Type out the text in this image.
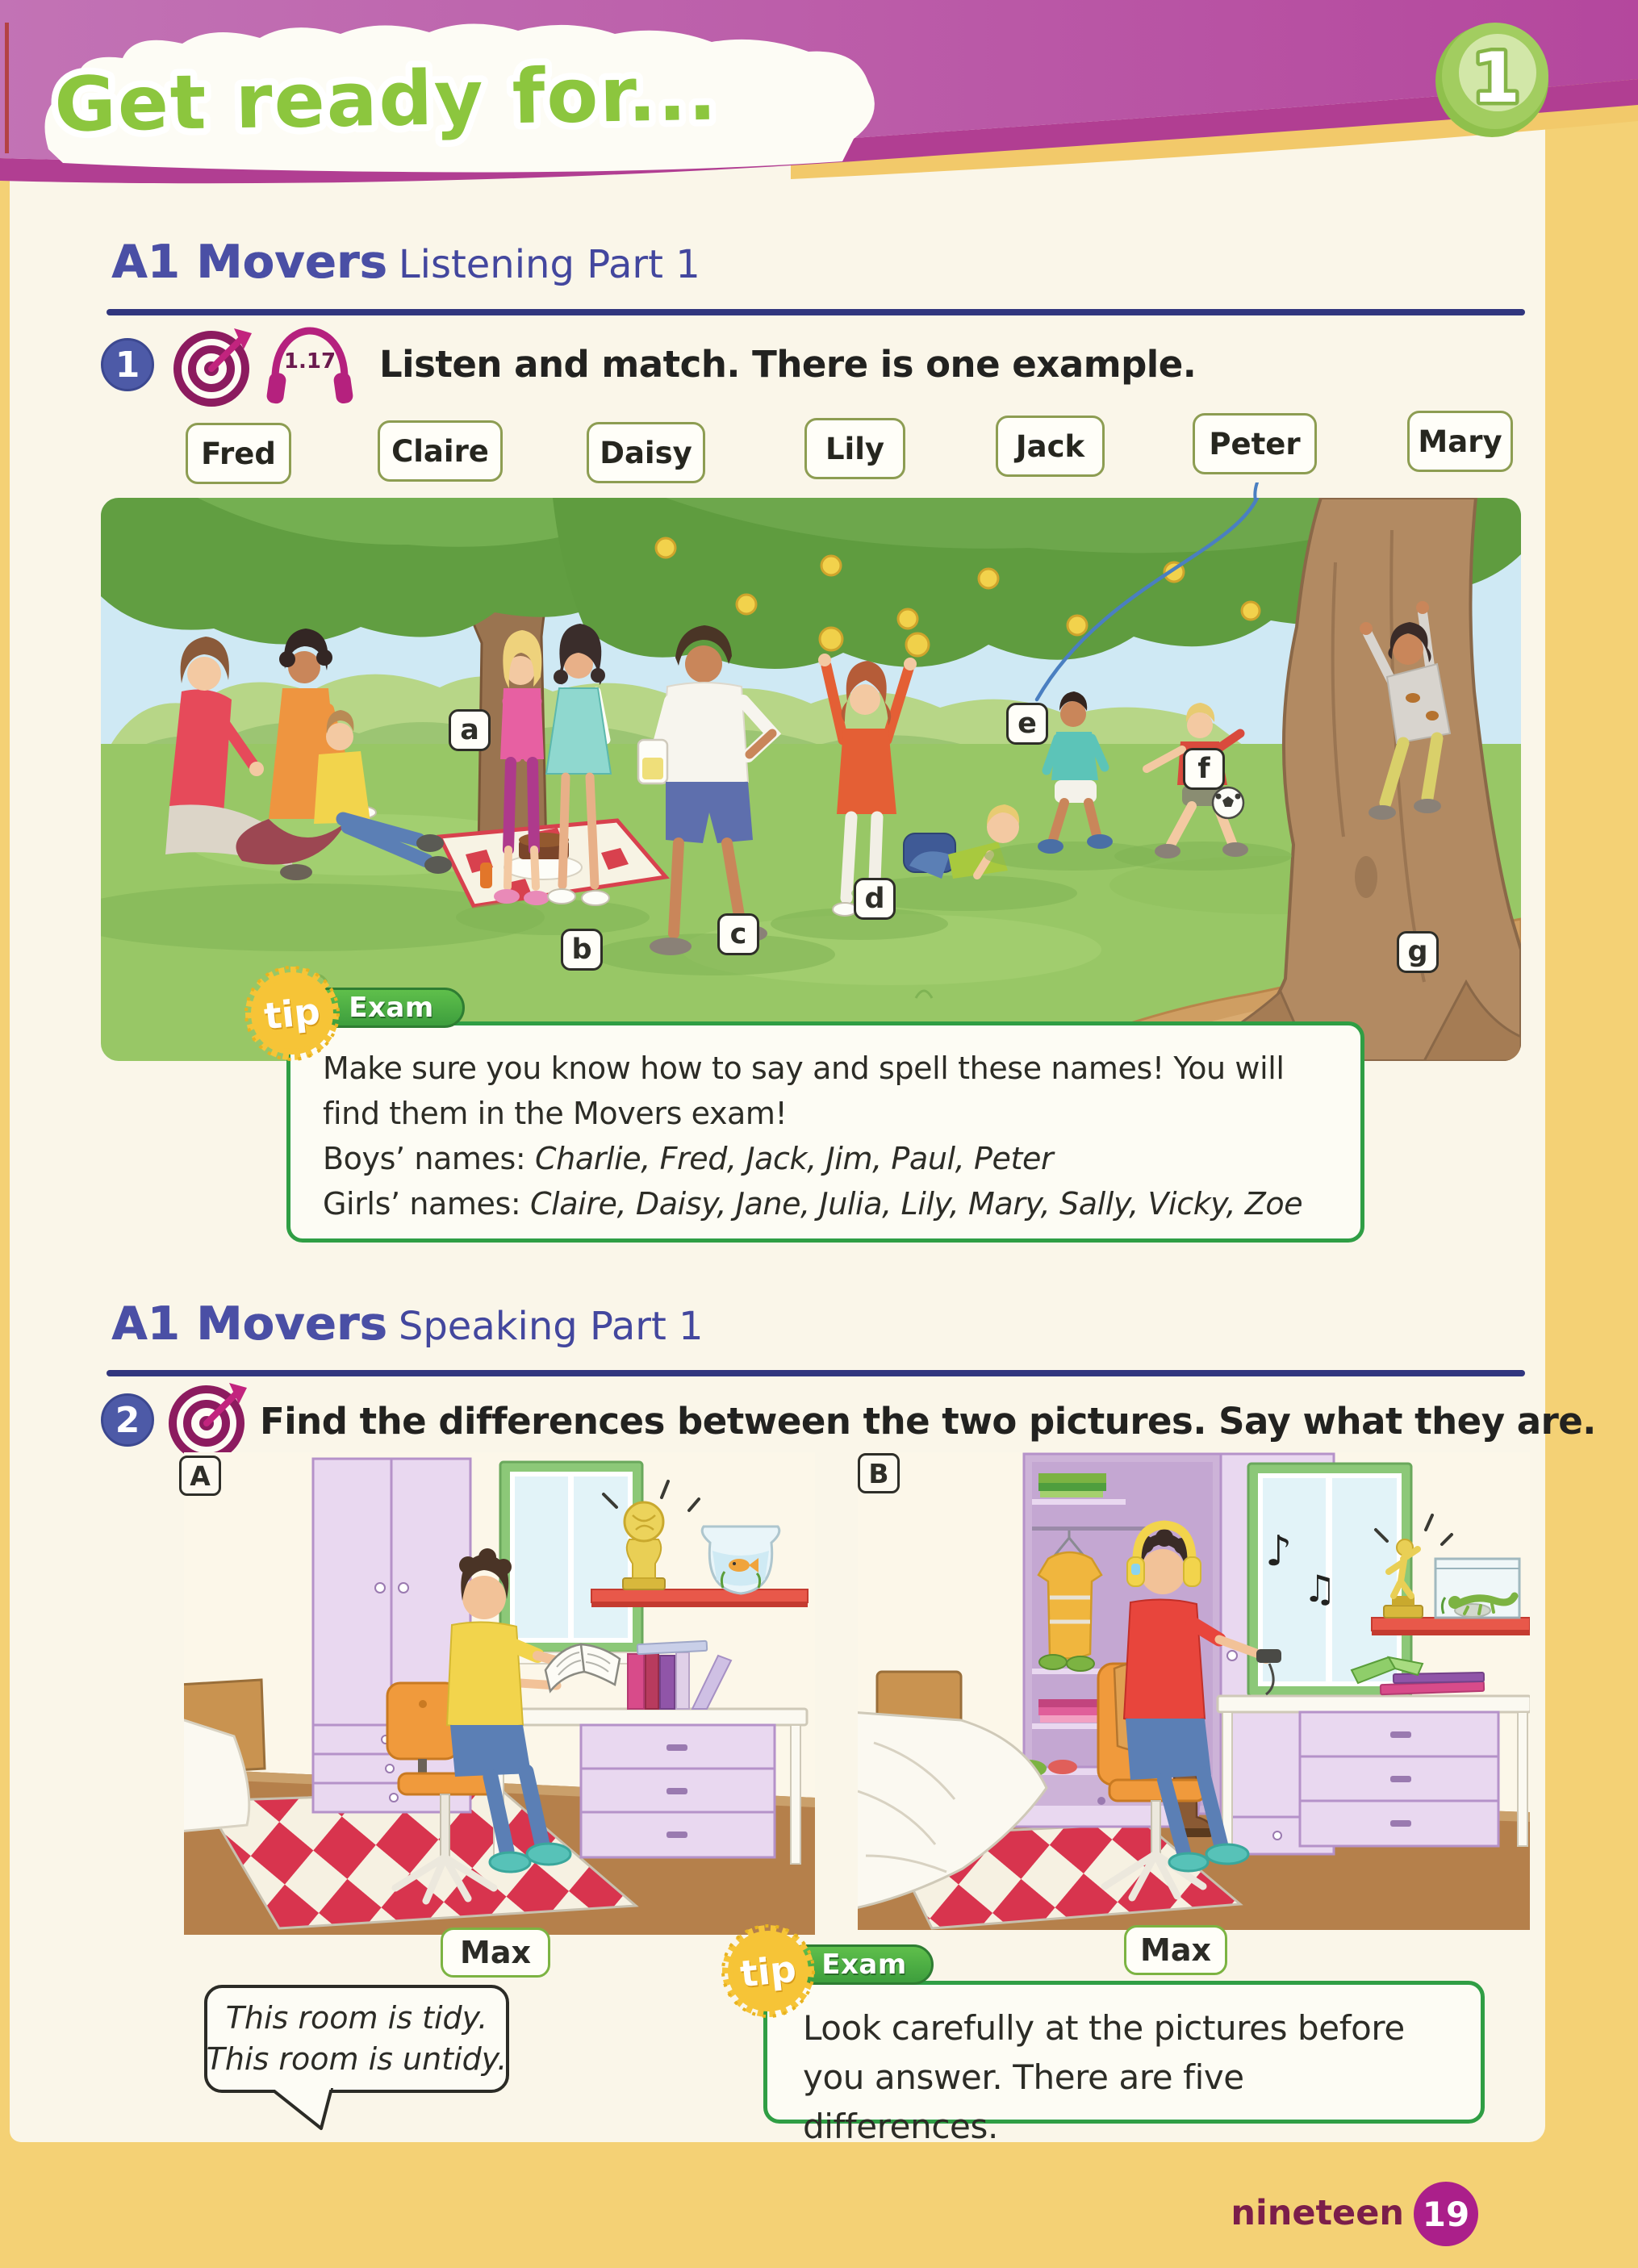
Get ready for...	1
A1 Movers Listening Part 1
1	1.17 Listen and match. There is one example.
Fred	Claire	Daisy	Lily	Jack	Peter	Mary
a
b	c
d
e
f
g
tip Exam
Make sure you know how to say and spell these names! You will find them in the Movers exam!
Boys’ names: Charlie, Fred, Jack, Jim, Paul, Peter
Girls’ names: Claire, Daisy, Jane, Julia, Lily, Mary, Sally, Vicky, Zoe
A1 Movers Speaking Part 1
2	Find the differences between the two pictures. Say what they are.
♪
♫
A	B
Max	Max
This room is tidy.
This room is untidy.
tip Exam
Look carefully at the pictures before you answer. There are five differences.
nineteen 19
